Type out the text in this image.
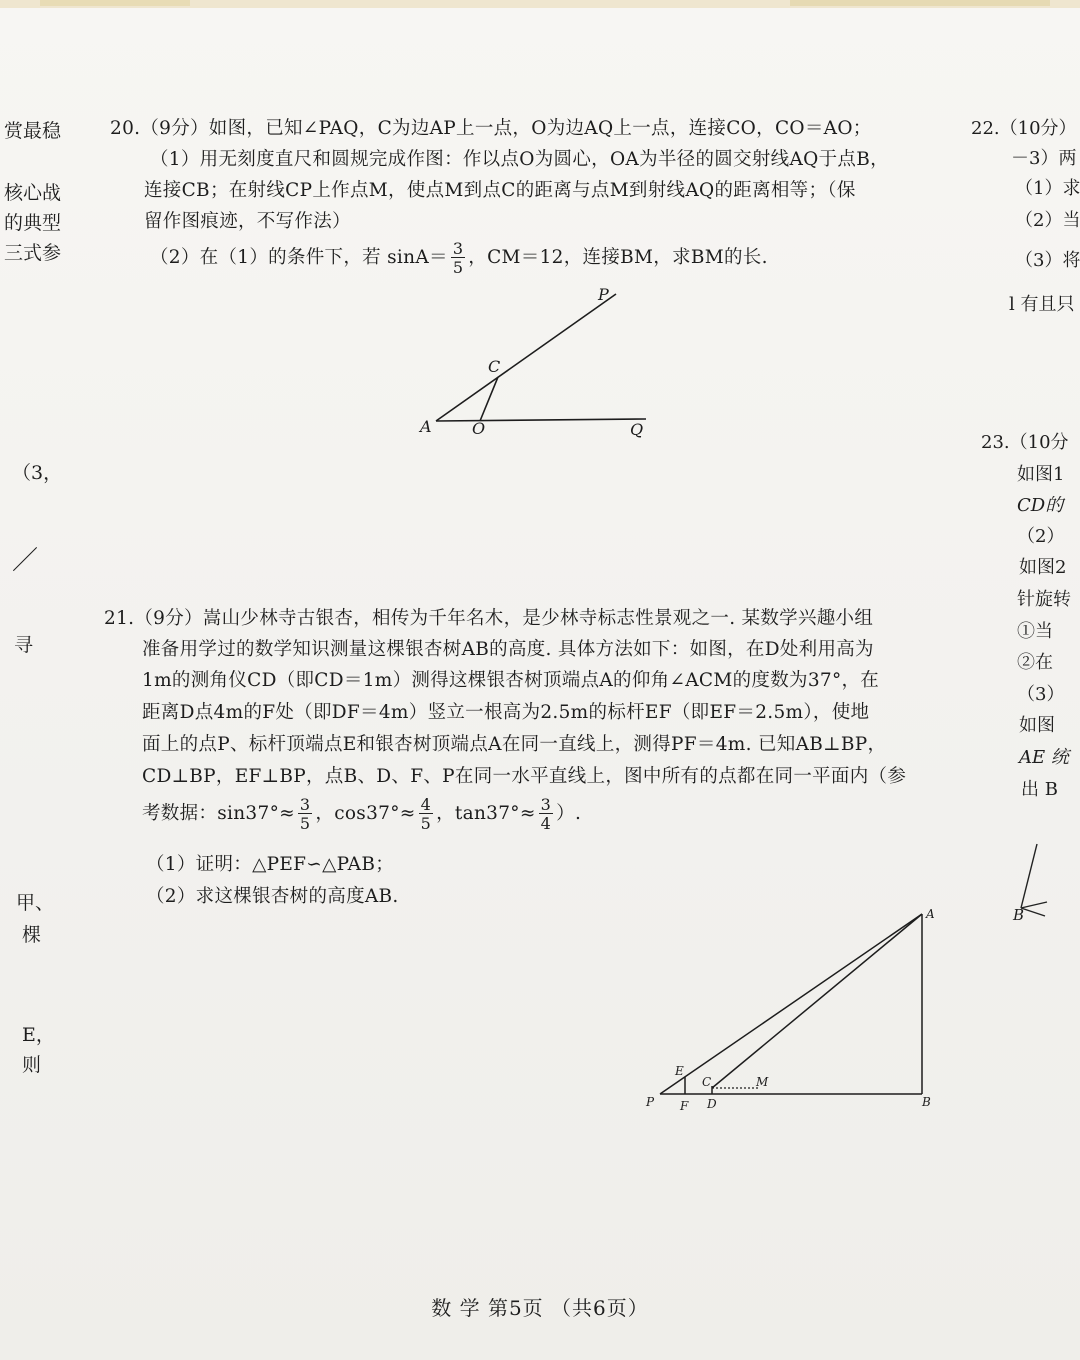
赏最稳
核心战
的典型
三式参
（3，
／
寻
甲、
棵
E，
则
22.（10分）
－3）两
（1）求
（2）当
（3）将
l 有且只
23.（10分
如图1
CD的
（2）
如图2
针旋转
①当
②在
（3）
如图
AE 统
出 B
B
20.（9分）如图，已知∠PAQ，C为边AP上一点，O为边AQ上一点，连接CO，CO＝AO；
（1）用无刻度直尺和圆规完成作图：作以点O为圆心，OA为半径的圆交射线AQ于点B，
连接CB；在射线CP上作点M，使点M到点C的距离与点M到射线AQ的距离相等；（保
留作图痕迹，不写作法）
（2）在（1）的条件下，若 $\sin A= \frac{3}{5}$ ，CM＝12，连接BM，求BM的长.
P
C
A	O	Q
21.（9分）嵩山少林寺古银杏，相传为千年名木，是少林寺标志性景观之一. 某数学兴趣小组
准备用学过的数学知识测量这棵银杏树AB的高度. 具体方法如下：如图，在D处利用高为
1m的测角仪CD（即CD＝1m）测得这棵银杏树顶端点A的仰角∠ACM的度数为37°，在
距离D点4m的F处（即DF＝4m）竖立一根高为2.5m的标杆EF（即EF＝2.5m），使地
面上的点P、标杆顶端点E和银杏树顶端点A在同一直线上，测得PF＝4m. 已知AB⊥BP，
CD⊥BP，EF⊥BP，点B、D、F、P在同一水平直线上，图中所有的点都在同一平面内（参
考数据：$\sin 37^\circ\approx \frac{3}{5}$ ，$\cos 37^\circ\approx \frac{4}{5}$ ，$\tan 37^\circ\approx \frac{3}{4}$ ）.
（1）证明：△PEF∽△PAB；
（2）求这棵银杏树的高度AB.
A
B
P
E
F
C
D
M
数 学 第5页 （共6页）
